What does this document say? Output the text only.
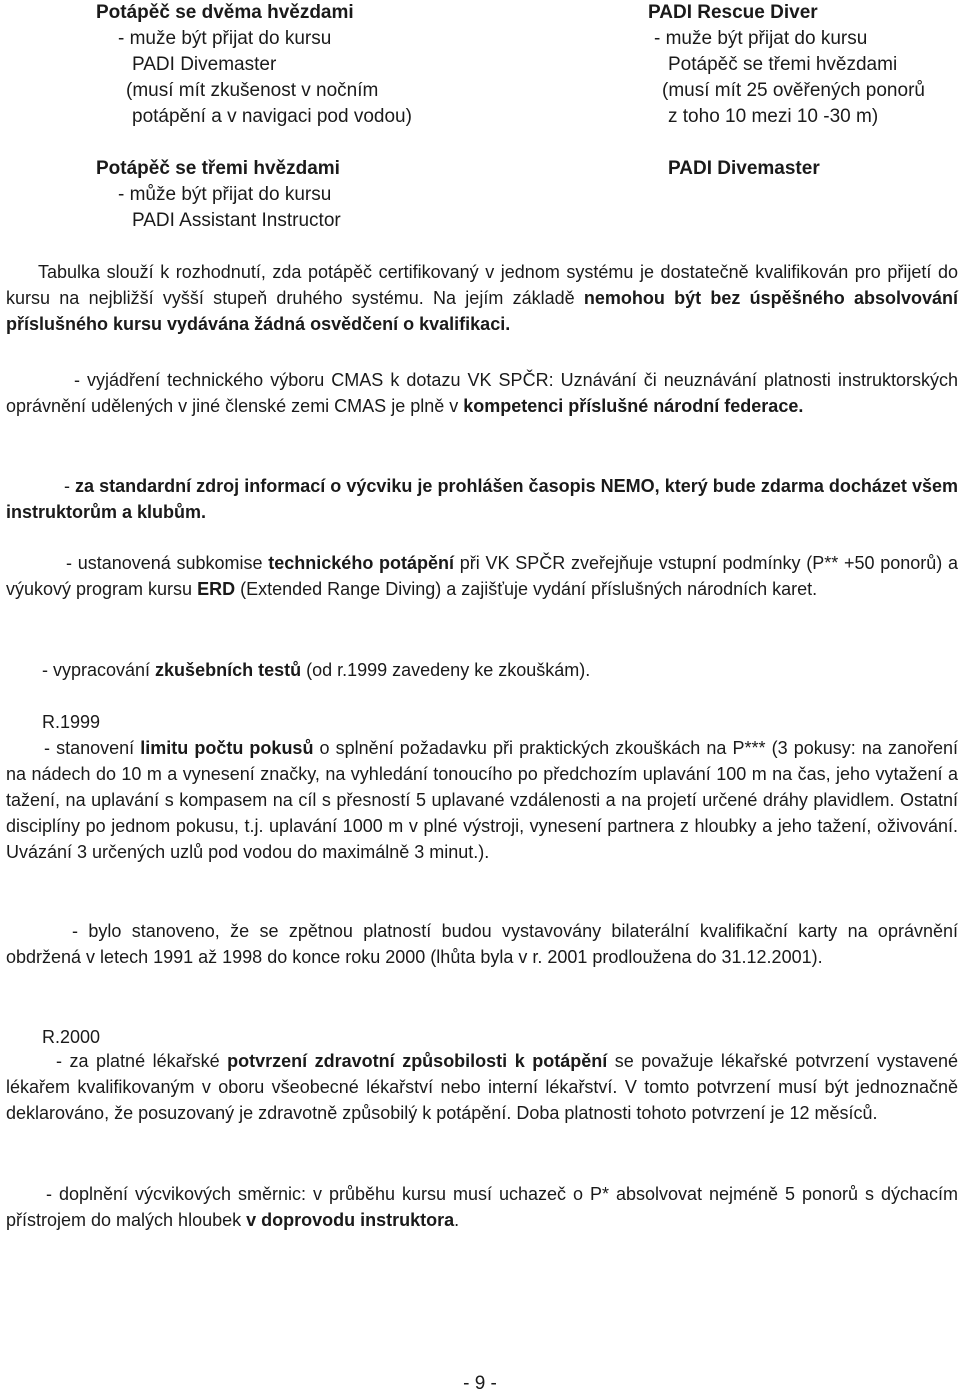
Potápěč se dvěma hvězdami
- muže být přijat do kursu
PADI Divemaster
(musí mít zkušenost v nočním
potápění a v navigaci pod vodou)
Potápěč se třemi hvězdami
- může být přijat do kursu
PADI Assistant Instructor
PADI Rescue Diver
- muže být přijat do kursu
Potápěč se třemi hvězdami
(musí mít 25 ověřených ponorů
z toho 10 mezi 10 -30 m)
PADI Divemaster
Tabulka slouží k rozhodnutí, zda potápěč certifikovaný v jednom systému je dostatečně kvalifikován pro přijetí do kursu na nejbližší vyšší stupeň druhého systému. Na jejím základě nemohou být bez úspěšného absolvování příslušného kursu vydávána žádná osvědčení o kvalifikaci.
- vyjádření technického výboru CMAS k dotazu VK SPČR: Uznávání či neuznávání platnosti instruktorských oprávnění udělených v jiné členské zemi CMAS je plně v kompetenci příslušné národní federace.
- za standardní zdroj informací o výcviku je prohlášen časopis NEMO, který bude zdarma docházet všem instruktorům a klubům.
- ustanovená subkomise technického potápění při VK SPČR zveřejňuje vstupní podmínky (P** +50 ponorů) a výukový program kursu ERD (Extended Range Diving) a zajišťuje vydání příslušných národních karet.
- vypracování zkušebních testů (od r.1999 zavedeny ke zkouškám).
R.1999
- stanovení limitu počtu pokusů o splnění požadavku při praktických zkouškách na P*** (3 pokusy: na zanoření na nádech do 10 m a vynesení značky, na vyhledání tonoucího po předchozím uplavání 100 m na čas, jeho vytažení a tažení, na uplavání s kompasem na cíl s přesností 5 uplavané vzdálenosti a na projetí určené dráhy plavidlem. Ostatní disciplíny po jednom pokusu, t.j. uplavání 1000 m v plné výstroji, vynesení partnera z hloubky a jeho tažení, oživování. Uvázání 3 určených uzlů pod vodou do maximálně 3 minut.).
- bylo stanoveno, že se zpětnou platností budou vystavovány bilaterální kvalifikační karty na oprávnění obdržená v letech 1991 až 1998 do konce roku 2000 (lhůta byla v r. 2001 prodloužena do 31.12.2001).
R.2000
- za platné lékařské potvrzení zdravotní způsobilosti k potápění se považuje lékařské potvrzení vystavené lékařem kvalifikovaným v oboru všeobecné lékařství nebo interní lékařství. V tomto potvrzení musí být jednoznačně deklarováno, že posuzovaný je zdravotně způsobilý k potápění. Doba platnosti tohoto potvrzení je 12 měsíců.
- doplnění výcvikových směrnic: v průběhu kursu musí uchazeč o P* absolvovat nejméně 5 ponorů s dýchacím přístrojem do malých hloubek v doprovodu instruktora.
- 9 -
